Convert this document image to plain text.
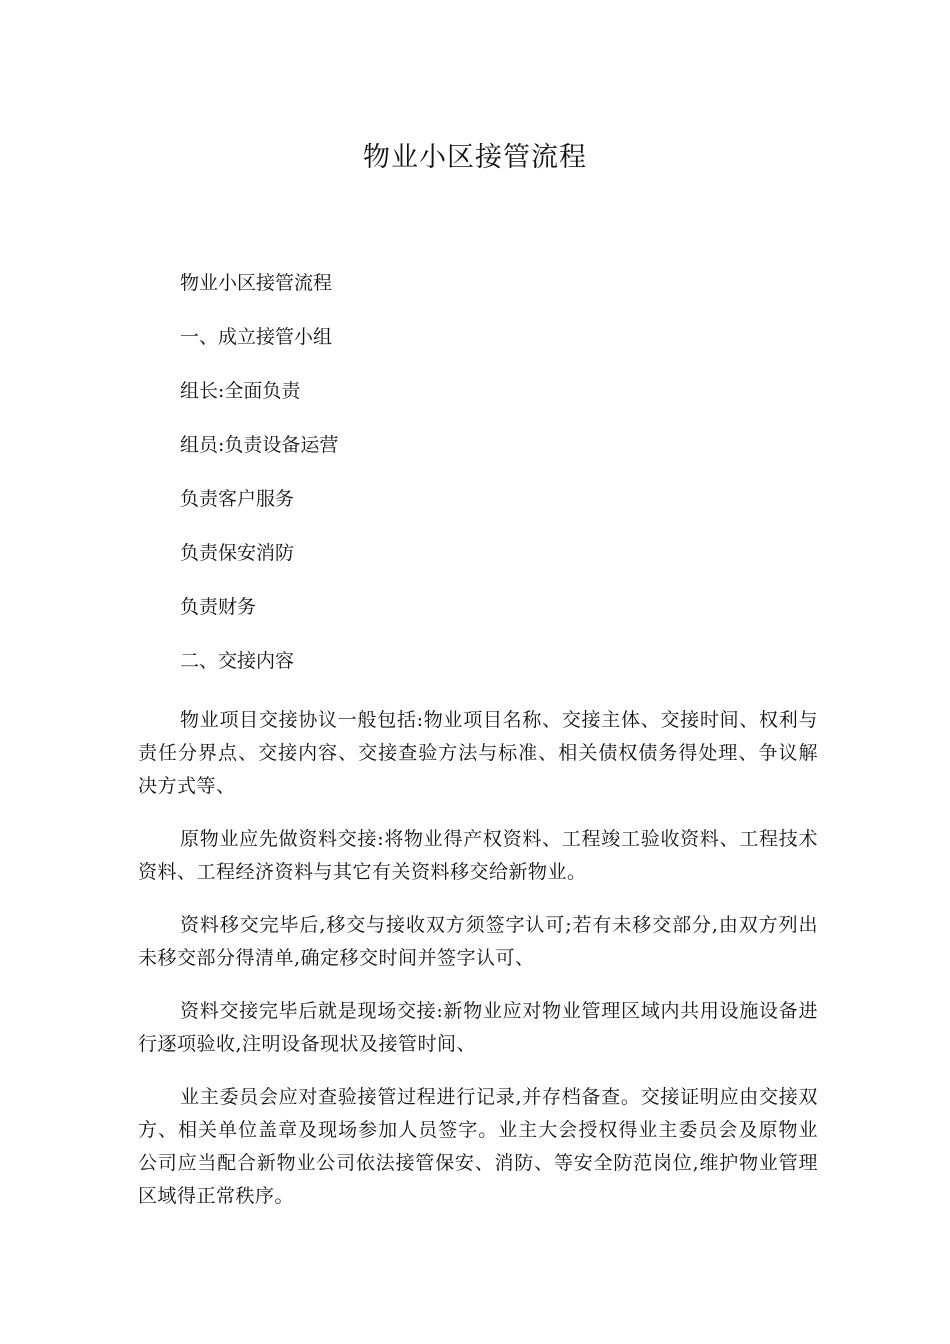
物业小区接管流程

物业小区接管流程

一、成立接管小组

组长:全面负责

组员:负责设备运营

负责客户服务

负责保安消防

负责财务

二、交接内容

物业项目交接协议一般包括:物业项目名称、交接主体、交接时间、权利与责任分界点、交接内容、交接查验方法与标准、相关债权债务得处理、争议解决方式等、

原物业应先做资料交接:将物业得产权资料、工程竣工验收资料、工程技术资料、工程经济资料与其它有关资料移交给新物业。

资料移交完毕后,移交与接收双方须签字认可;若有未移交部分,由双方列出未移交部分得清单,确定移交时间并签字认可、

资料交接完毕后就是现场交接:新物业应对物业管理区域内共用设施设备进行逐项验收,注明设备现状及接管时间、

业主委员会应对查验接管过程进行记录,并存档备查。交接证明应由交接双方、相关单位盖章及现场参加人员签字。业主大会授权得业主委员会及原物业公司应当配合新物业公司依法接管保安、消防、等安全防范岗位,维护物业管理区域得正常秩序。
